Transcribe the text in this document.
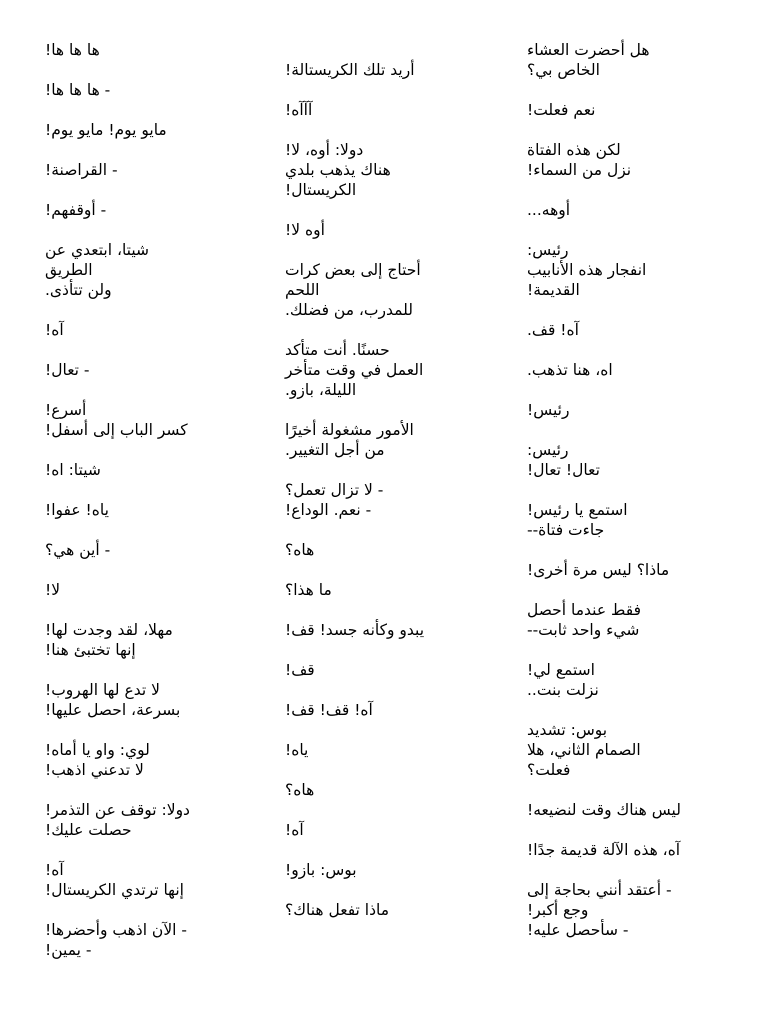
ها ها ها!
- ها ها ها!
مايو يوم! مايو يوم!
- القراصنة!
- أوقفهم!
شيتا، ابتعدي عن
الطريق
ولن تتأذى.
آه!
- تعال!
أسرع!
كسر الباب إلى أسفل!
شيتا: اه!
ياه! عفوا!
- أين هي؟
لا!
مهلا، لقد وجدت لها!
إنها تختبئ هنا!
لا تدع لها الهروب!
بسرعة، احصل عليها!
لوي: واو يا أماه!
لا تدعني اذهب!
دولا: توقف عن التذمر!
حصلت عليك!
آه!
إنها ترتدي الكريستال!
- الآن اذهب وأحضرها!
- يمين!
أريد تلك الكريستالة!
آآآه!
دولا: أوه، لا!
هناك يذهب بلدي
الكريستال!
أوه لا!
أحتاج إلى بعض كرات
اللحم
للمدرب، من فضلك.
حسنًا. أنت متأكد
العمل في وقت متأخر
الليلة، بازو.
الأمور مشغولة أخيرًا
من أجل التغيير.
- لا تزال تعمل؟
- نعم. الوداع!
هاه؟
ما هذا؟
يبدو وكأنه جسد! قف!
قف!
آه! قف! قف!
ياه!
هاه؟
آه!
بوس: بازو!
ماذا تفعل هناك؟
هل أحضرت العشاء
الخاص بي؟
نعم فعلت!
لكن هذه الفتاة
نزل من السماء!
أوهه...
رئيس:
انفجار هذه الأنابيب
القديمة!
آه! قف.
اه، هنا تذهب.
رئيس!
رئيس:
تعال! تعال!
استمع يا رئيس!
جاءت فتاة--
ماذا؟ ليس مرة أخرى!
فقط عندما أحصل
شيء واحد ثابت--
استمع لي!
نزلت بنت..
بوس: تشديد
الصمام الثاني، هلا
فعلت؟
ليس هناك وقت لنضيعه!
آه، هذه الآلة قديمة جدًا!
- أعتقد أنني بحاجة إلى
وجع أكبر!
- سأحصل عليه!
